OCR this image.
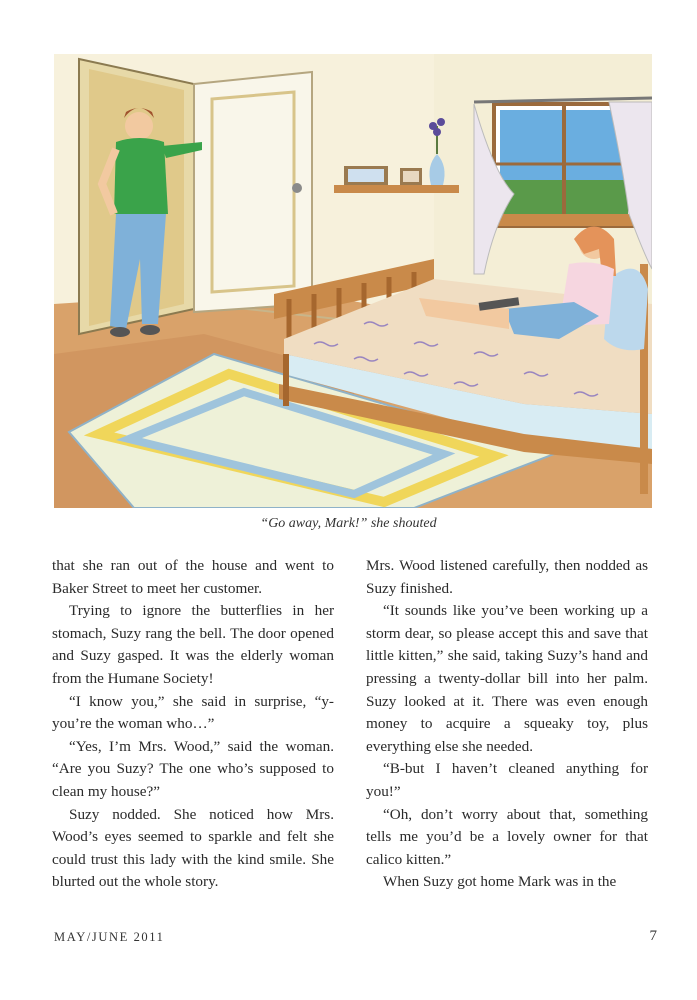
“Go away, Mark!” she shouted

that she ran out of the house and went to Baker Street to meet her customer.

Trying to ignore the butterflies in her stomach, Suzy rang the bell. The door opened and Suzy gasped. It was the elderly woman from the Humane Society!

“I know you,” she said in surprise, “y-you’re the woman who…”

“Yes, I’m Mrs. Wood,” said the woman. “Are you Suzy? The one who’s supposed to clean my house?”

Suzy nodded. She noticed how Mrs. Wood’s eyes seemed to sparkle and felt she could trust this lady with the kind smile. She blurted out the whole story.

Mrs. Wood listened carefully, then nodded as Suzy finished.

“It sounds like you’ve been working up a storm dear, so please accept this and save that little kitten,” she said, taking Suzy’s hand and pressing a twenty-dollar bill into her palm. Suzy looked at it. There was even enough money to acquire a squeaky toy, plus everything else she needed.

“B-but I haven’t cleaned anything for you!”

“Oh, don’t worry about that, something tells me you’d be a lovely owner for that calico kitten.”

When Suzy got home Mark was in the

MAY/JUNE 2011	7
